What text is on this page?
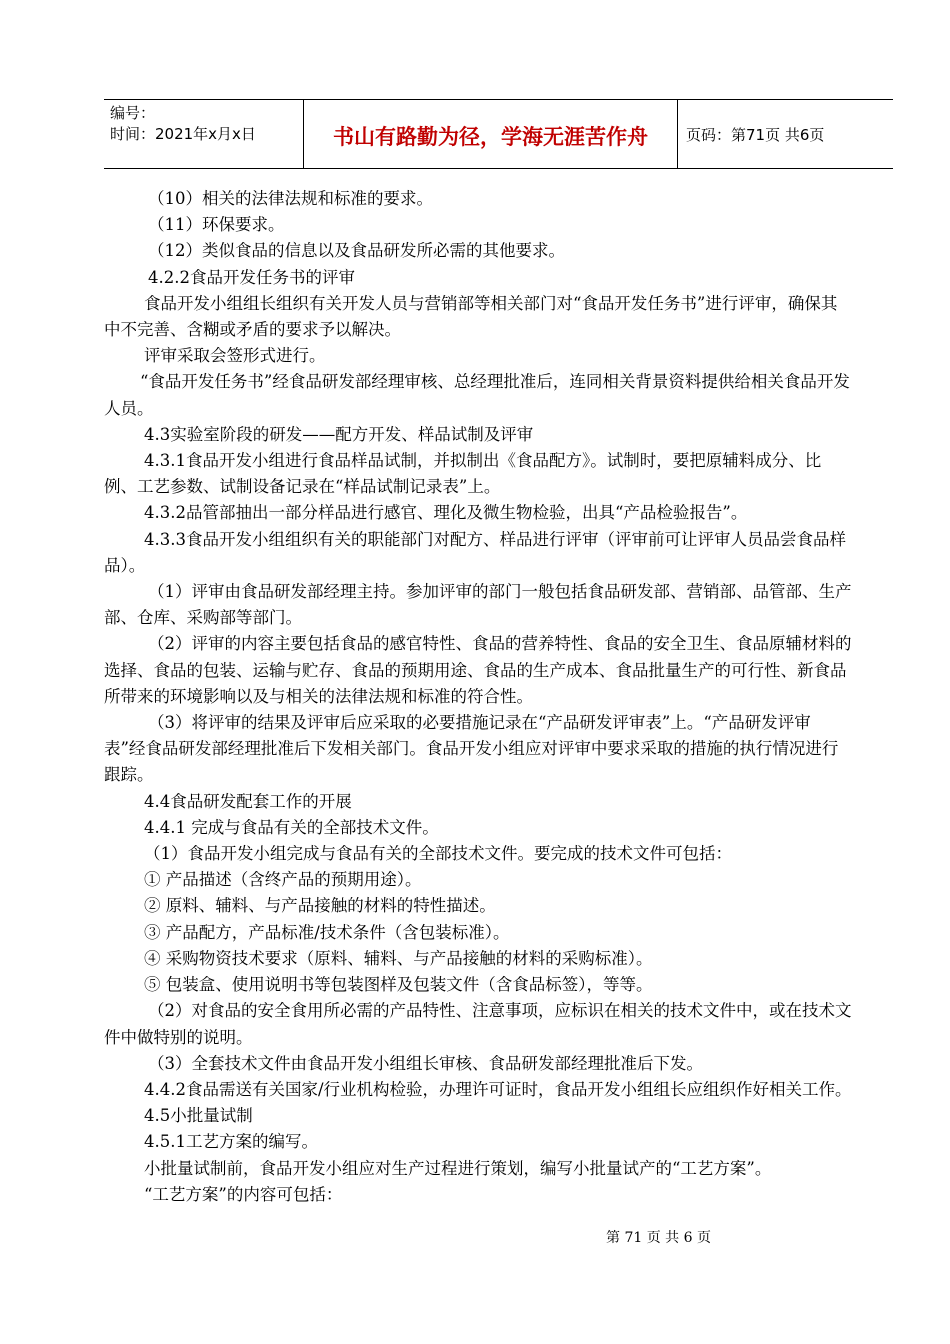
编号：
时间：2021年x月x日	书山有路勤为径，学海无涯苦作舟	页码：第71页 共6页

（10）相关的法律法规和标准的要求。

（11）环保要求。

（12）类似食品的信息以及食品研发所必需的其他要求。

4.2.2食品开发任务书的评审

食品开发小组组长组织有关开发人员与营销部等相关部门对“食品开发任务书”进行评审，确保其中不完善、含糊或矛盾的要求予以解决。

评审采取会签形式进行。

“食品开发任务书”经食品研发部经理审核、总经理批准后，连同相关背景资料提供给相关食品开发人员。

4.3实验室阶段的研发——配方开发、样品试制及评审

4.3.1食品开发小组进行食品样品试制，并拟制出《食品配方》。试制时，要把原辅料成分、比例、工艺参数、试制设备记录在“样品试制记录表”上。

4.3.2品管部抽出一部分样品进行感官、理化及微生物检验，出具“产品检验报告”。

4.3.3食品开发小组组织有关的职能部门对配方、样品进行评审（评审前可让评审人员品尝食品样品）。

（1）评审由食品研发部经理主持。参加评审的部门一般包括食品研发部、营销部、品管部、生产部、仓库、采购部等部门。

（2）评审的内容主要包括食品的感官特性、食品的营养特性、食品的安全卫生、食品原辅材料的选择、食品的包装、运输与贮存、食品的预期用途、食品的生产成本、食品批量生产的可行性、新食品所带来的环境影响以及与相关的法律法规和标准的符合性。

（3）将评审的结果及评审后应采取的必要措施记录在“产品研发评审表”上。“产品研发评审表”经食品研发部经理批准后下发相关部门。食品开发小组应对评审中要求采取的措施的执行情况进行跟踪。

4.4食品研发配套工作的开展

4.4.1 完成与食品有关的全部技术文件。

（1）食品开发小组完成与食品有关的全部技术文件。要完成的技术文件可包括：

① 产品描述（含终产品的预期用途）。

② 原料、辅料、与产品接触的材料的特性描述。

③ 产品配方，产品标准/技术条件（含包装标准）。

④ 采购物资技术要求（原料、辅料、与产品接触的材料的采购标准）。

⑤ 包装盒、使用说明书等包装图样及包装文件（含食品标签），等等。

（2）对食品的安全食用所必需的产品特性、注意事项，应标识在相关的技术文件中，或在技术文件中做特别的说明。

（3）全套技术文件由食品开发小组组长审核、食品研发部经理批准后下发。

4.4.2食品需送有关国家/行业机构检验，办理许可证时，食品开发小组组长应组织作好相关工作。

4.5小批量试制

4.5.1工艺方案的编写。

小批量试制前，食品开发小组应对生产过程进行策划，编写小批量试产的“工艺方案”。

“工艺方案”的内容可包括：

第 71 页 共 6 页
